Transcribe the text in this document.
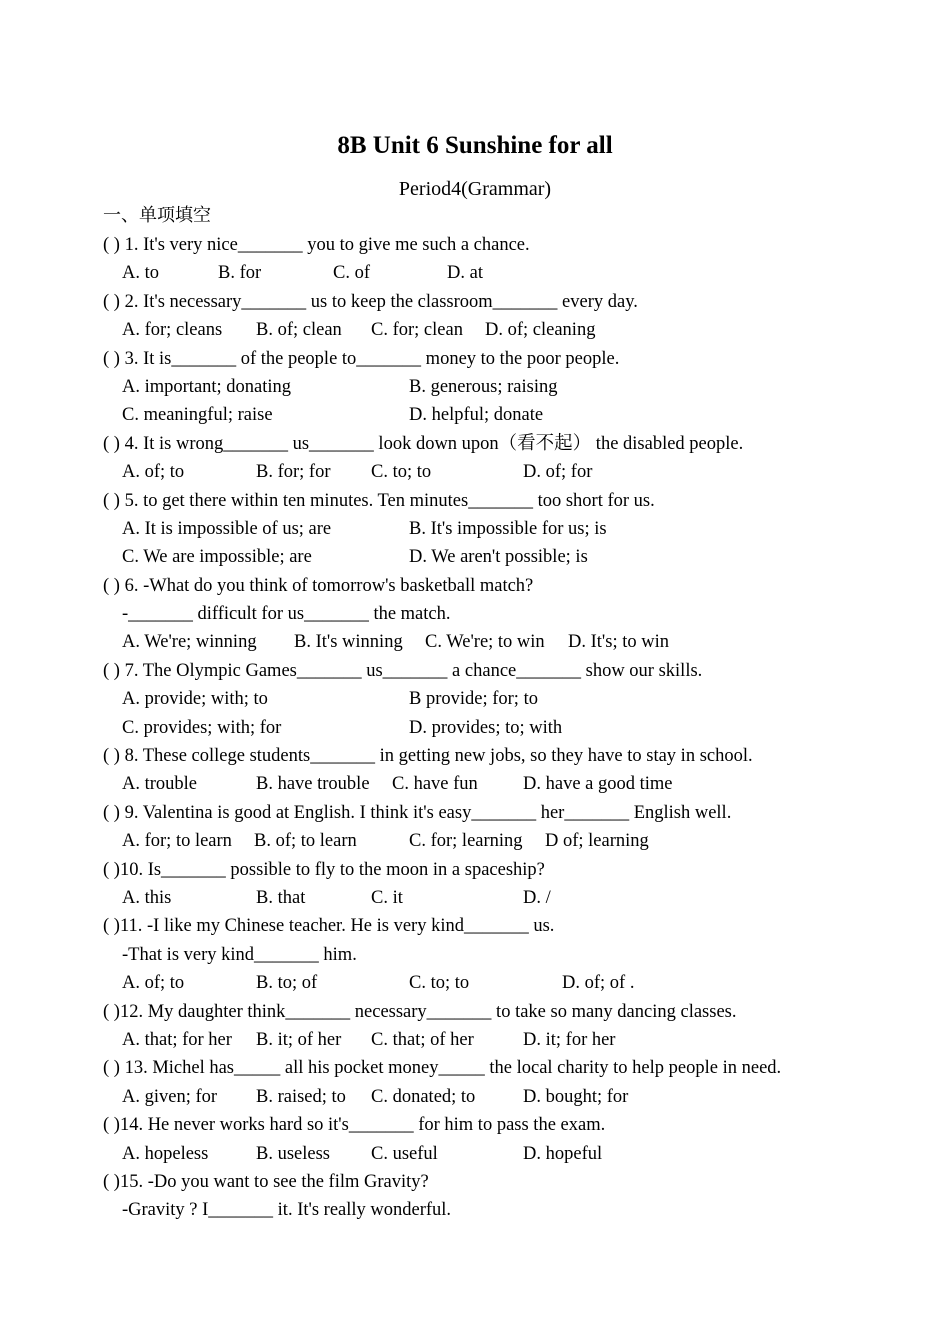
8B Unit 6 Sunshine for all
Period4(Grammar)
一、单项填空
( ) 1. It's very nice_______ you to give me such a chance.
A. to	B. for	C. of	D. at
( ) 2. It's necessary_______ us to keep the classroom_______ every day.
A. for; cleans B. of; clean C. for; clean D. of; cleaning
( ) 3. It is_______ of the people to_______ money to the poor people.
A. important; donating	B. generous; raising
C. meaningful; raise	D. helpful; donate
( ) 4. It is wrong_______ us_______ look down upon（看不起） the disabled people.
A. of; to	B. for; for C. to; to	D. of; for
( ) 5. to get there within ten minutes. Ten minutes_______ too short for us.
A. It is impossible of us; are	B. It's impossible for us; is
C. We are impossible; are	D. We aren't possible; is
( ) 6. -What do you think of tomorrow's basketball match?
-_______ difficult for us_______ the match.
A. We're; winning B. It's winning C. We're; to win D. It's; to win
( ) 7. The Olympic Games_______ us_______ a chance_______ show our skills.
A. provide; with; to	B provide; for; to
C. provides; with; for	D. provides; to; with
( ) 8. These college students_______ in getting new jobs, so they have to stay in school.
A. trouble	B. have trouble C. have fun D. have a good time
( ) 9. Valentina is good at English. I think it's easy_______ her_______ English well.
A. for; to learn B. of; to learn	C. for; learning D of; learning
( )10. Is_______ possible to fly to the moon in a spaceship?
A. this	B. that	C. it	D. /
( )11. -I like my Chinese teacher. He is very kind_______ us.
-That is very kind_______ him.
A. of; to	B. to; of	C. to; to	D. of; of .
( )12. My daughter think_______ necessary_______ to take so many dancing classes.
A. that; for her B. it; of her C. that; of her	D. it; for her
( ) 13. Michel has_____ all his pocket money_____ the local charity to help people in need.
A. given; for B. raised; to C. donated; to	D. bought; for
( )14. He never works hard so it's_______ for him to pass the exam.
A. hopeless	B. useless C. useful	D. hopeful
( )15. -Do you want to see the film Gravity?
-Gravity ? I_______ it. It's really wonderful.
